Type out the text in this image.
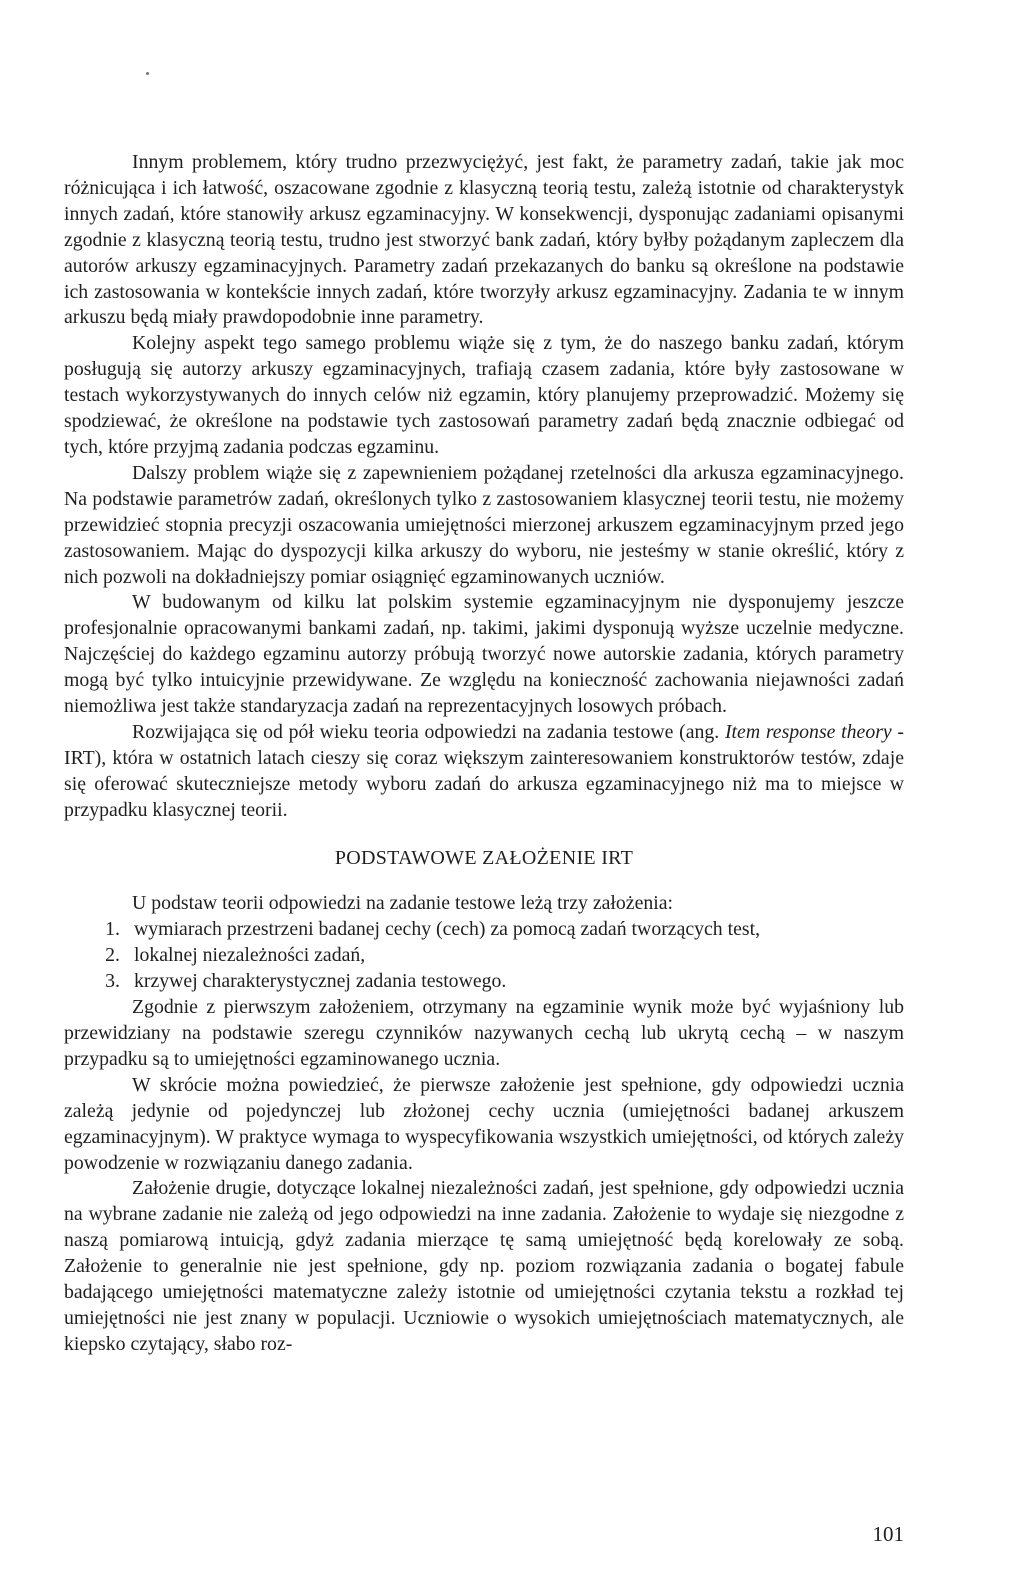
Innym problemem, który trudno przezwyciężyć, jest fakt, że parametry zadań, takie jak moc różnicująca i ich łatwość, oszacowane zgodnie z klasyczną teorią testu, zależą istotnie od charakterystyk innych zadań, które stanowiły arkusz egzaminacyjny. W konsekwencji, dysponując zadaniami opisanymi zgodnie z klasyczną teorią testu, trudno jest stworzyć bank zadań, który byłby pożądanym zapleczem dla autorów arkuszy egzaminacyjnych. Parametry zadań przekazanych do banku są określone na podstawie ich zastosowania w kontekście innych zadań, które tworzyły arkusz egzaminacyjny. Zadania te w innym arkuszu będą miały prawdopodobnie inne parametry.

Kolejny aspekt tego samego problemu wiąże się z tym, że do naszego banku zadań, którym posługują się autorzy arkuszy egzaminacyjnych, trafiają czasem zadania, które były zastosowane w testach wykorzystywanych do innych celów niż egzamin, który planujemy przeprowadzić. Możemy się spodziewać, że określone na podstawie tych zastosowań parametry zadań będą znacznie odbiegać od tych, które przyjmą zadania podczas egzaminu.

Dalszy problem wiąże się z zapewnieniem pożądanej rzetelności dla arkusza egzaminacyjnego. Na podstawie parametrów zadań, określonych tylko z zastosowaniem klasycznej teorii testu, nie możemy przewidzieć stopnia precyzji oszacowania umiejętności mierzonej arkuszem egzaminacyjnym przed jego zastosowaniem. Mając do dyspozycji kilka arkuszy do wyboru, nie jesteśmy w stanie określić, który z nich pozwoli na dokładniejszy pomiar osiągnięć egzaminowanych uczniów.

W budowanym od kilku lat polskim systemie egzaminacyjnym nie dysponujemy jeszcze profesjonalnie opracowanymi bankami zadań, np. takimi, jakimi dysponują wyższe uczelnie medyczne. Najczęściej do każdego egzaminu autorzy próbują tworzyć nowe autorskie zadania, których parametry mogą być tylko intuicyjnie przewidywane. Ze względu na konieczność zachowania niejawności zadań niemożliwa jest także standaryzacja zadań na reprezentacyjnych losowych próbach.

Rozwijająca się od pół wieku teoria odpowiedzi na zadania testowe (ang. Item response theory - IRT), która w ostatnich latach cieszy się coraz większym zainteresowaniem konstruktorów testów, zdaje się oferować skuteczniejsze metody wyboru zadań do arkusza egzaminacyjnego niż ma to miejsce w przypadku klasycznej teorii.

PODSTAWOWE ZAŁOŻENIE IRT

U podstaw teorii odpowiedzi na zadanie testowe leżą trzy założenia:

1. wymiarach przestrzeni badanej cechy (cech) za pomocą zadań tworzących test,
2. lokalnej niezależności zadań,
3. krzywej charakterystycznej zadania testowego.

Zgodnie z pierwszym założeniem, otrzymany na egzaminie wynik może być wyjaśniony lub przewidziany na podstawie szeregu czynników nazywanych cechą lub ukrytą cechą – w naszym przypadku są to umiejętności egzaminowanego ucznia.

W skrócie można powiedzieć, że pierwsze założenie jest spełnione, gdy odpowiedzi ucznia zależą jedynie od pojedynczej lub złożonej cechy ucznia (umiejętności badanej arkuszem egzaminacyjnym). W praktyce wymaga to wyspecyfikowania wszystkich umiejętności, od których zależy powodzenie w rozwiązaniu danego zadania.

Założenie drugie, dotyczące lokalnej niezależności zadań, jest spełnione, gdy odpowiedzi ucznia na wybrane zadanie nie zależą od jego odpowiedzi na inne zadania. Założenie to wydaje się niezgodne z naszą pomiarową intuicją, gdyż zadania mierzące tę samą umiejętność będą korelowały ze sobą. Założenie to generalnie nie jest spełnione, gdy np. poziom rozwiązania zadania o bogatej fabule badającego umiejętności matematyczne zależy istotnie od umiejętności czytania tekstu a rozkład tej umiejętności nie jest znany w populacji. Uczniowie o wysokich umiejętnościach matematycznych, ale kiepsko czytający, słabo roz-

101
